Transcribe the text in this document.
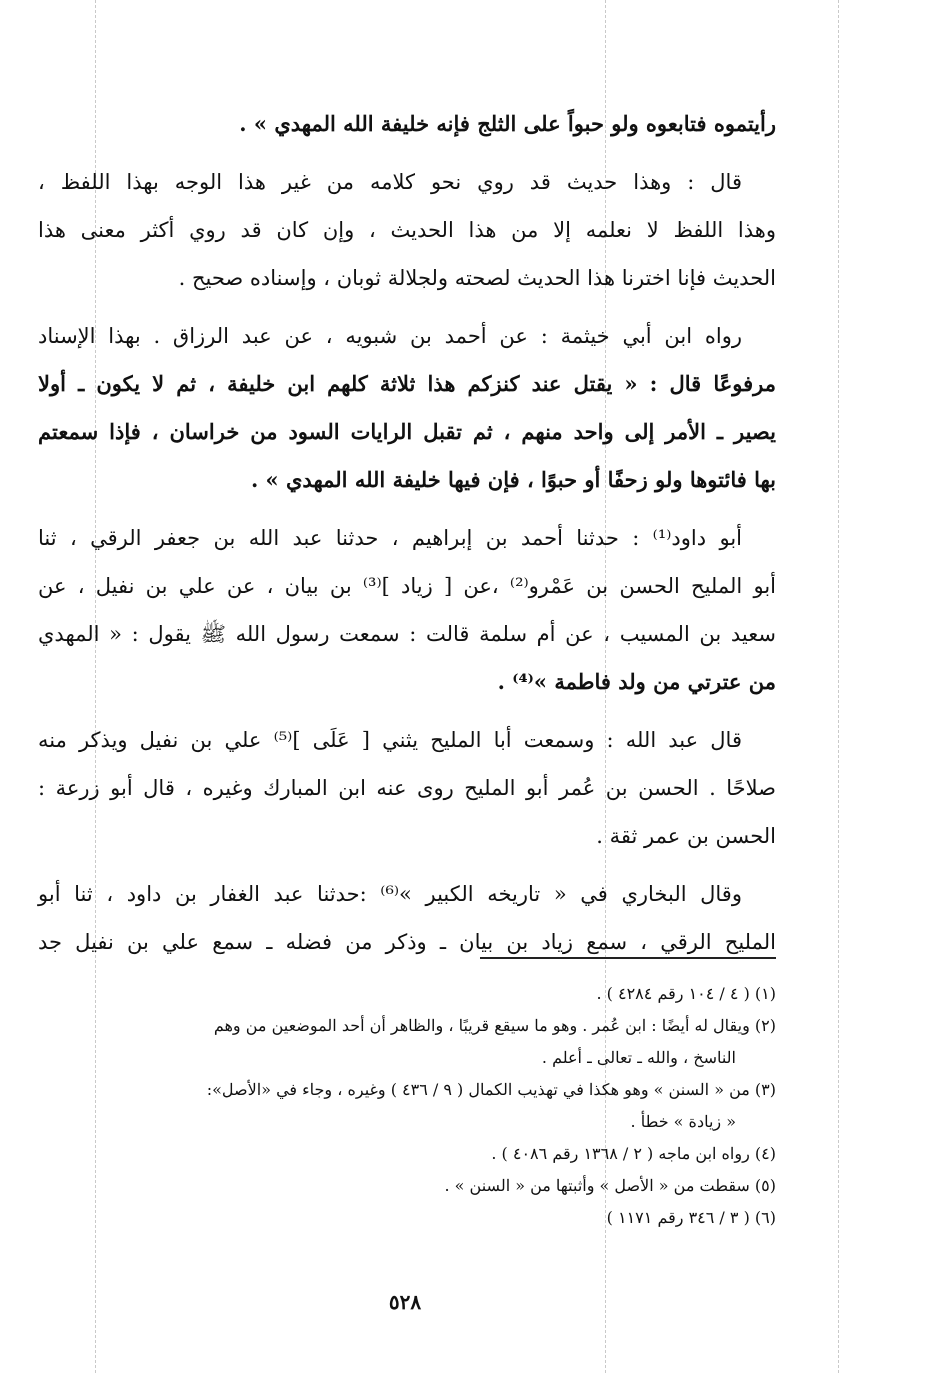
رأيتموه فتابعوه ولو حبواً على الثلج فإنه خليفة الله المهدي » .
قال : وهذا حديث قد روي نحو كلامه من غير هذا الوجه بهذا اللفظ ،
وهذا اللفظ لا نعلمه إلا من هذا الحديث ، وإن كان قد روي أكثر معنى هذا
الحديث فإنا اخترنا هذا الحديث لصحته ولجلالة ثوبان ، وإسناده صحيح .
رواه ابن أبي خيثمة : عن أحمد بن شبويه ، عن عبد الرزاق . بهذا الإسناد
مرفوعًا قال : « يقتل عند كنزكم هذا ثلاثة كلهم ابن خليفة ، ثم لا يكون ـ أولا
يصير ـ الأمر إلى واحد منهم ، ثم تقبل الرايات السود من خراسان ، فإذا سمعتم
بها فائتوها ولو زحفًا أو حبوًا ، فإن فيها خليفة الله المهدي » .
أبو داود⁽¹⁾ : حدثنا أحمد بن إبراهيم ، حدثنا عبد الله بن جعفر الرقي ، ثنا
أبو المليح الحسن بن عَمْرو⁽²⁾ ،عن [ زياد ]⁽³⁾ بن بيان ، عن علي بن نفيل ، عن
سعيد بن المسيب ، عن أم سلمة قالت : سمعت رسول الله ﷺ يقول : « المهدي
من عترتي من ولد فاطمة »⁽⁴⁾ .
قال عبد الله : وسمعت أبا المليح يثني [ عَلَى ]⁽⁵⁾ علي بن نفيل ويذكر منه
صلاحًا . الحسن بن عُمر أبو المليح روى عنه ابن المبارك وغيره ، قال أبو زرعة :
الحسن بن عمر ثقة .
وقال البخاري في « تاريخه الكبير »⁽⁶⁾ :حدثنا عبد الغفار بن داود ، ثنا أبو
المليح الرقي ، سمع زياد بن بيان ـ وذكر من فضله ـ سمع علي بن نفيل جد
(١) ( ٤ / ١٠٤ رقم ٤٢٨٤ ) .
(٢) ويقال له أيضًا : ابن عُمر . وهو ما سيقع قريبًا ، والظاهر أن أحد الموضعين من وهم
الناسخ ، والله ـ تعالى ـ أعلم .
(٣) من « السنن » وهو هكذا في تهذيب الكمال ( ٩ / ٤٣٦ ) وغيره ، وجاء في «الأصل»:
« زيادة » خطأ .
(٤) رواه ابن ماجه ( ٢ / ١٣٦٨ رقم ٤٠٨٦ ) .
(٥) سقطت من « الأصل » وأثبتها من « السنن » .
(٦) ( ٣ / ٣٤٦ رقم ١١٧١ )
٥٢٨
